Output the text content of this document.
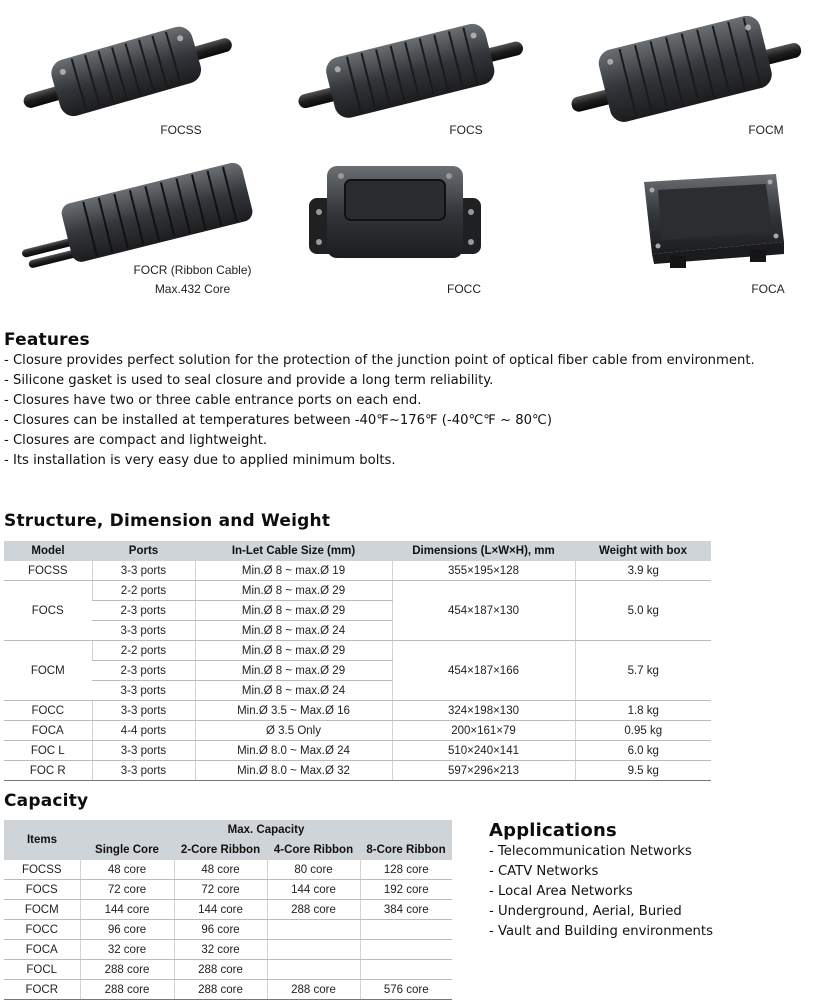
FOCSS	FOCS	FOCM
FOCR (Ribbon Cable)
Max.432 Core	FOCC	FOCA
Features
- Closure provides perfect solution for the protection of the junction point of optical fiber cable from environment.
- Silicone gasket is used to seal closure and provide a long term reliability.
- Closures have two or three cable entrance ports on each end.
- Closures can be installed at temperatures between -40℉~176℉ (-40℃℉ ~ 80℃)
- Closures are compact and lightweight.
- Its installation is very easy due to applied minimum bolts.
Structure, Dimension and Weight
Model	Ports	In-Let Cable Size (mm)	Dimensions (L×W×H), mm	Weight with box
FOCSS	3-3 ports	Min.Ø 8 ~ max.Ø 19	355×195×128	3.9 kg
FOCS	2-2 ports	Min.Ø 8 ~ max.Ø 29	454×187×130	5.0 kg
	2-3 ports	Min.Ø 8 ~ max.Ø 29		
	3-3 ports	Min.Ø 8 ~ max.Ø 24		
FOCM	2-2 ports	Min.Ø 8 ~ max.Ø 29	454×187×166	5.7 kg
	2-3 ports	Min.Ø 8 ~ max.Ø 29		
	3-3 ports	Min.Ø 8 ~ max.Ø 24		
FOCC	3-3 ports	Min.Ø 3.5 ~ Max.Ø 16	324×198×130	1.8 kg
FOCA	4-4 ports	Ø 3.5 Only	200×161×79	0.95 kg
FOC L	3-3 ports	Min.Ø 8.0 ~ Max.Ø 24	510×240×141	6.0 kg
FOC R	3-3 ports	Min.Ø 8.0 ~ Max.Ø 32	597×296×213	9.5 kg
Capacity
Items	Max. Capacity			
	Single Core	2-Core Ribbon	4-Core Ribbon	8-Core Ribbon
FOCSS	48 core	48 core	80 core	128 core
FOCS	72 core	72 core	144 core	192 core
FOCM	144 core	144 core	288 core	384 core
FOCC	96 core	96 core		
FOCA	32 core	32 core		
FOCL	288 core	288 core		
FOCR	288 core	288 core	288 core	576 core
Applications
- Telecommunication Networks
- CATV Networks
- Local Area Networks
- Underground, Aerial, Buried
- Vault and Building environments
